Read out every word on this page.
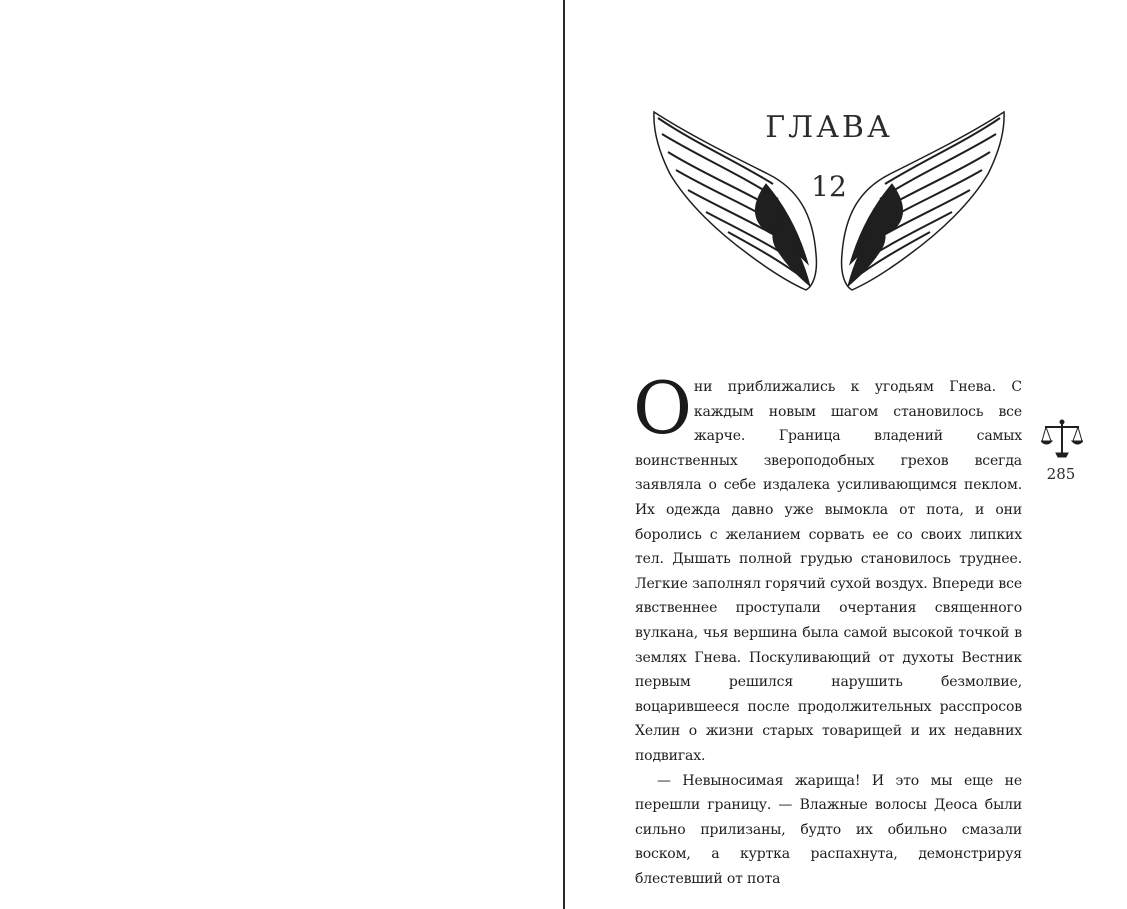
ГЛАВА
12

Они приближались к угодьям Гнева. С каждым новым шагом становилось все жарче. Граница владений самых воинственных звероподобных грехов всегда заявляла о себе издалека усиливающимся пеклом. Их одежда давно уже вымокла от пота, и они боролись с желанием сорвать ее со своих липких тел. Дышать полной грудью становилось труднее. Легкие заполнял горячий сухой воздух. Впереди все явственнее проступали очертания священного вулкана, чья вершина была самой высокой точкой в землях Гнева. Поскуливающий от духоты Вестник первым решился нарушить безмолвие, воцарившееся после продолжительных расспросов Хелин о жизни старых товарищей и их недавних подвигах.

— Невыносимая жарища! И это мы еще не перешли границу. — Влажные волосы Деоса были сильно прилизаны, будто их обильно смазали воском, а куртка распахнута, демонстрируя блестевший от пота

285
